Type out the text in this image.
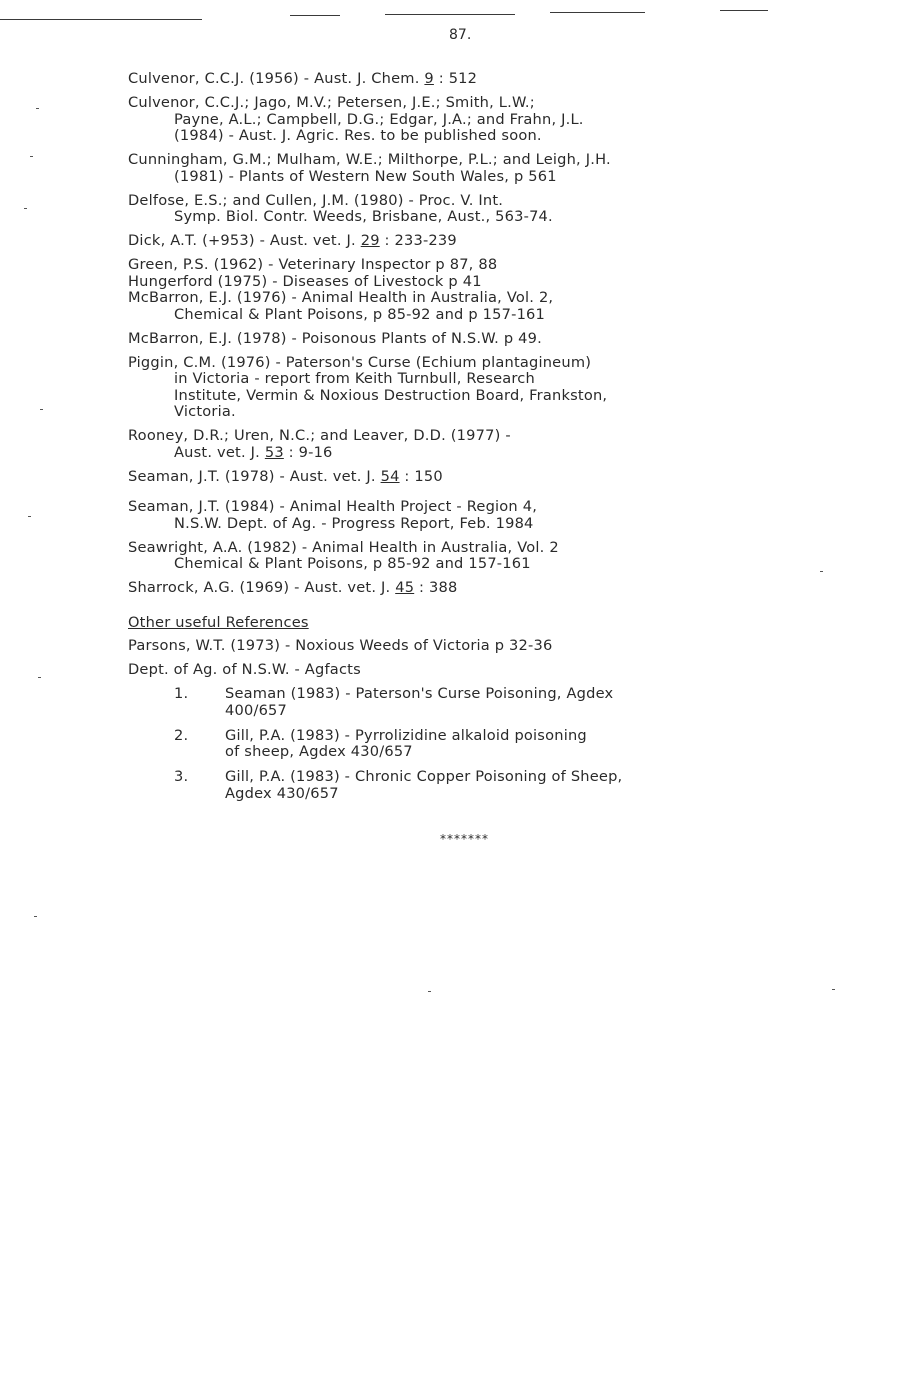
87.
Culvenor, C.C.J. (1956) - Aust. J. Chem. 9 : 512
Culvenor, C.C.J.; Jago, M.V.; Petersen, J.E.; Smith, L.W.;
Payne, A.L.; Campbell, D.G.; Edgar, J.A.; and Frahn, J.L.
(1984) - Aust. J. Agric. Res. to be published soon.
Cunningham, G.M.; Mulham, W.E.; Milthorpe, P.L.; and Leigh, J.H.
(1981) - Plants of Western New South Wales, p 561
Delfose, E.S.; and Cullen, J.M. (1980) - Proc. V. Int.
Symp. Biol. Contr. Weeds, Brisbane, Aust., 563-74.
Dick, A.T. (+953) - Aust. vet. J. 29 : 233-239
Green, P.S. (1962) - Veterinary Inspector p 87, 88
Hungerford (1975) - Diseases of Livestock p 41
McBarron, E.J. (1976) - Animal Health in Australia, Vol. 2,
Chemical & Plant Poisons, p 85-92 and p 157-161
McBarron, E.J. (1978) - Poisonous Plants of N.S.W. p 49.
Piggin, C.M. (1976) - Paterson's Curse (Echium plantagineum)
in Victoria - report from Keith Turnbull, Research
Institute, Vermin & Noxious Destruction Board, Frankston,
Victoria.
Rooney, D.R.; Uren, N.C.; and Leaver, D.D. (1977) -
Aust. vet. J. 53 : 9-16
Seaman, J.T. (1978) - Aust. vet. J. 54 : 150
Seaman, J.T. (1984) - Animal Health Project - Region 4,
N.S.W. Dept. of Ag. - Progress Report, Feb. 1984
Seawright, A.A. (1982) - Animal Health in Australia, Vol. 2
Chemical & Plant Poisons, p 85-92 and 157-161
Sharrock, A.G. (1969) - Aust. vet. J. 45 : 388
Other useful References
Parsons, W.T. (1973) - Noxious Weeds of Victoria p 32-36
Dept. of Ag. of N.S.W. - Agfacts
1.	Seaman (1983) - Paterson's Curse Poisoning, Agdex
400/657
2.	Gill, P.A. (1983) - Pyrrolizidine alkaloid poisoning
of sheep, Agdex 430/657
3.	Gill, P.A. (1983) - Chronic Copper Poisoning of Sheep,
Agdex 430/657
*******
